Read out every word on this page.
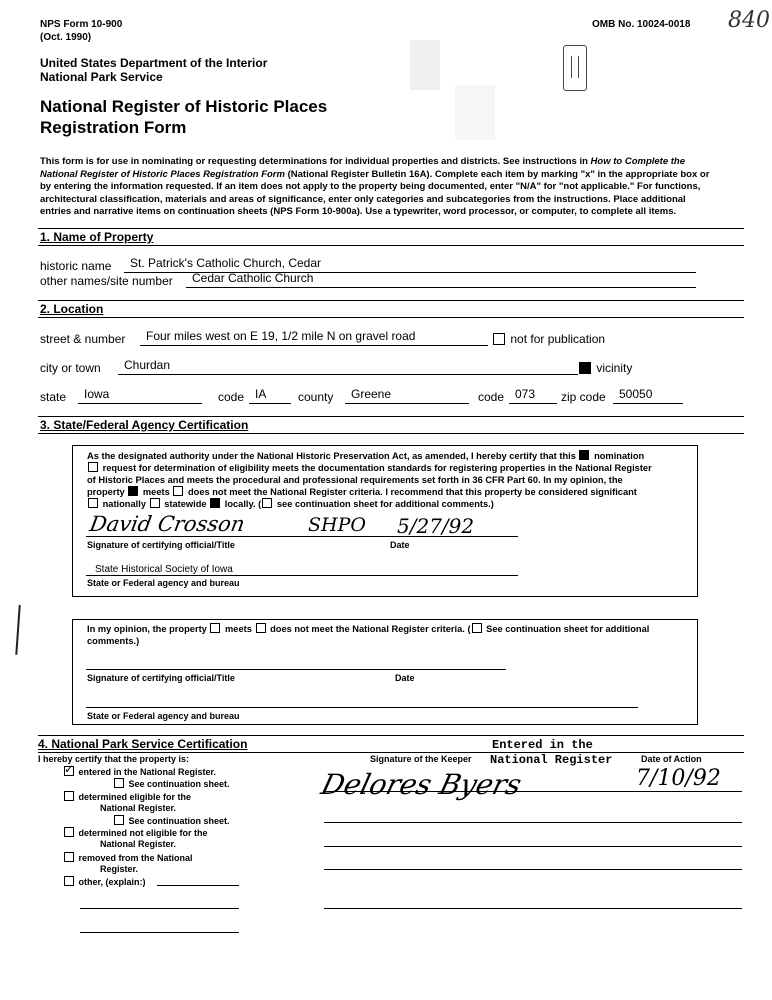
NPS Form 10-900
(Oct. 1990)
OMB No. 10024-0018 840
United States Department of the Interior
National Park Service
National Register of Historic Places
Registration Form
This form is for use in nominating or requesting determinations for individual properties and districts. See instructions in How to Complete the
National Register of Historic Places Registration Form (National Register Bulletin 16A). Complete each item by marking "x" in the appropriate box or
by entering the information requested. If an item does not apply to the property being documented, enter "N/A" for "not applicable." For functions,
architectural classification, materials and areas of significance, enter only categories and subcategories from the instructions. Place additional
entries and narrative items on continuation sheets (NPS Form 10-900a). Use a typewriter, word processor, or computer, to complete all items.
1. Name of Property
historic name	St. Patrick's Catholic Church, Cedar
other names/site number	Cedar Catholic Church
2. Location
street & number	Four miles west on E 19, 1/2 mile N on gravel road	not for publication
city or town	Churdan	vicinity
state	Iowa	code IA	county	Greene	code 073	zip code	50050
3. State/Federal Agency Certification
As the designated authority under the National Historic Preservation Act, as amended, I hereby certify that this nomination
request for determination of eligibility meets the documentation standards for registering properties in the National Register
of Historic Places and meets the procedural and professional requirements set forth in 36 CFR Part 60. In my opinion, the
property meets does not meet the National Register criteria. I recommend that this property be considered significant
nationally statewide locally. ( see continuation sheet for additional comments.)
David Crosson	SHPO 5/27/92
Signature of certifying official/Title	Date
State Historical Society of Iowa
State or Federal agency and bureau
In my opinion, the property meets does not meet the National Register criteria. ( See continuation sheet for additional
comments.)
Signature of certifying official/Title	Date
State or Federal agency and bureau
4. National Park Service Certification
I hereby certify that the property is:
✓ entered in the National Register.
See continuation sheet.
determined eligible for the
National Register.
See continuation sheet.
determined not eligible for the
National Register.
removed from the National
Register.
other, (explain:)
Signature of the Keeper	Date of Action
Entered in the
National Register
Delores Byers	7/10/92
